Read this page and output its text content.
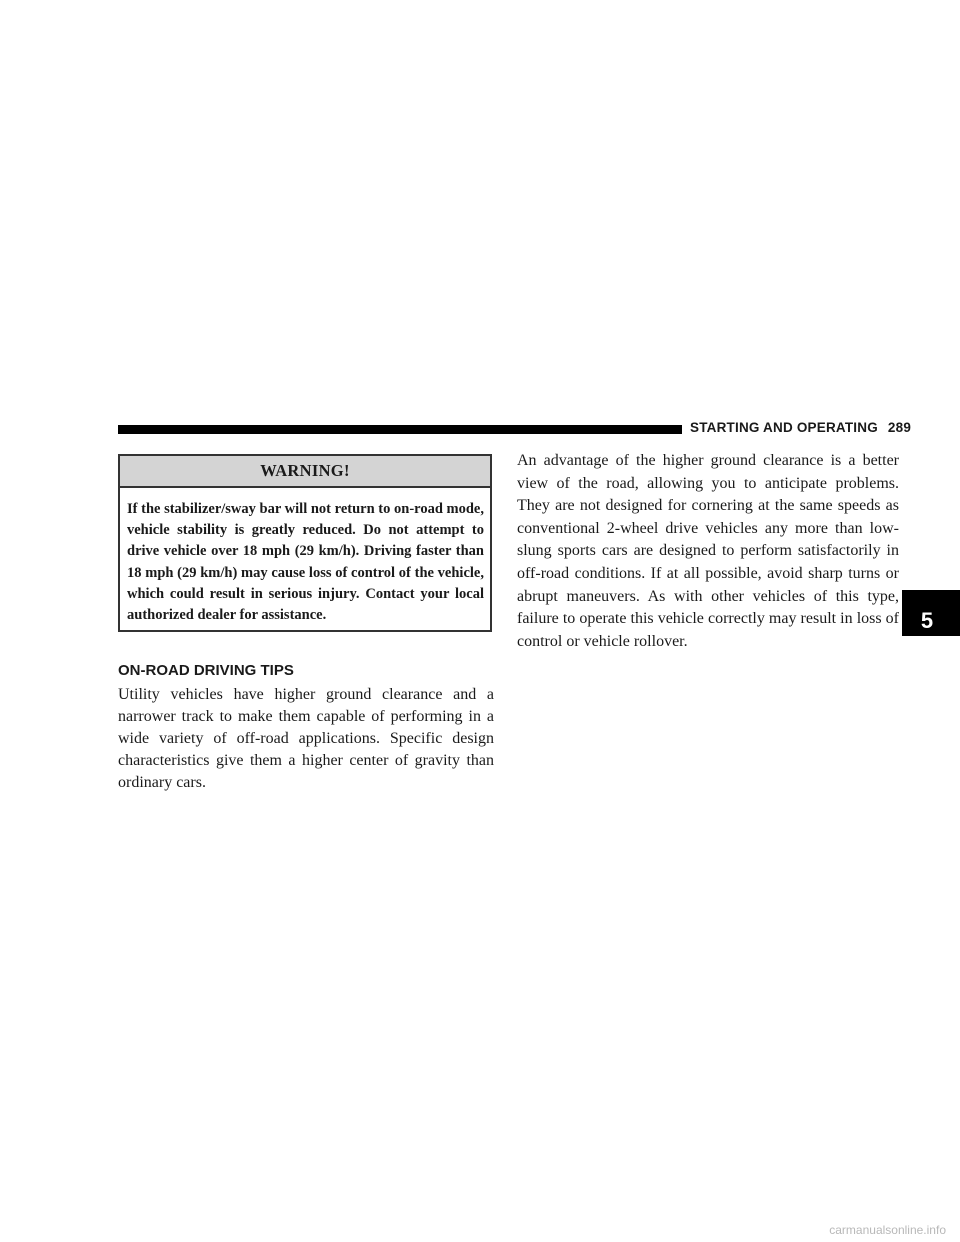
STARTING AND OPERATING 289
WARNING!
If the stabilizer/sway bar will not return to on-road mode, vehicle stability is greatly reduced. Do not attempt to drive vehicle over 18 mph (29 km/h). Driving faster than 18 mph (29 km/h) may cause loss of control of the vehicle, which could result in serious injury. Contact your local authorized dealer for assistance.
ON-ROAD DRIVING TIPS
Utility vehicles have higher ground clearance and a narrower track to make them capable of performing in a wide variety of off-road applications. Specific design characteristics give them a higher center of gravity than ordinary cars.
An advantage of the higher ground clearance is a better view of the road, allowing you to anticipate problems. They are not designed for cornering at the same speeds as conventional 2-wheel drive vehicles any more than low-slung sports cars are designed to perform satisfactorily in off-road conditions. If at all possible, avoid sharp turns or abrupt maneuvers. As with other vehicles of this type, failure to operate this vehicle correctly may result in loss of control or vehicle rollover.
5
carmanualsonline.info
